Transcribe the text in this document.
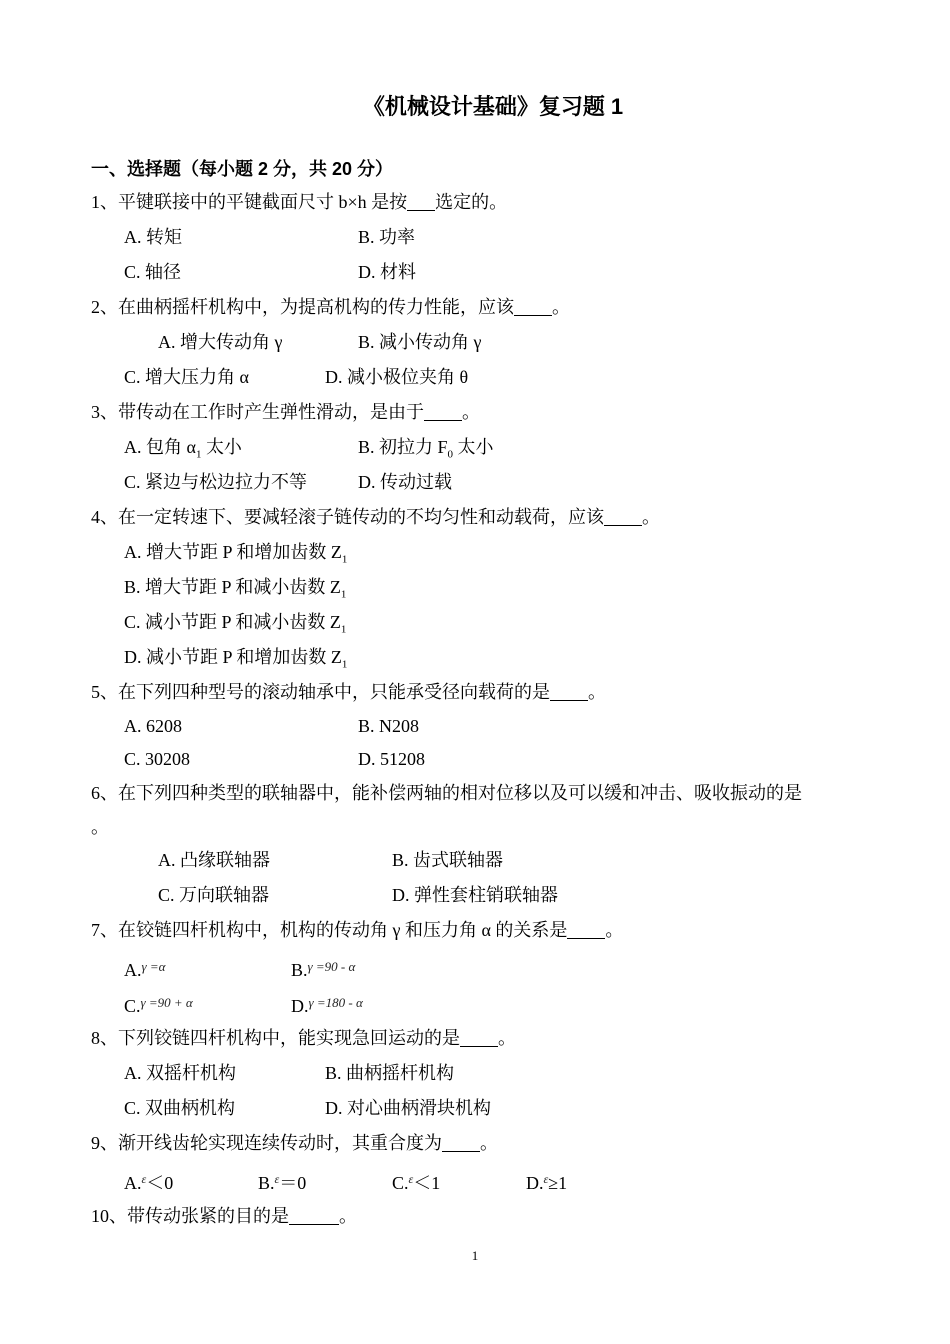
《机械设计基础》复习题 1
一、选择题（每小题 2 分，共 20 分）
1、平键联接中的平键截面尺寸 b×h 是按 选定的。
A. 转矩	B. 功率
C. 轴径	D. 材料
2、在曲柄摇杆机构中，为提高机构的传力性能，应该 。
A. 增大传动角 γ	B. 减小传动角 γ
C. 增大压力角 α	D. 减小极位夹角 θ
3、带传动在工作时产生弹性滑动，是由于 。
A. 包角 $\alpha_1$ 太小	B. 初拉力 $F_0$ 太小
C. 紧边与松边拉力不等	D. 传动过载
4、在一定转速下、要减轻滚子链传动的不均匀性和动载荷，应该 。
A. 增大节距 P 和增加齿数 $Z_1$
B. 增大节距 P 和减小齿数 $Z_1$
C. 减小节距 P 和减小齿数 $Z_1$
D. 减小节距 P 和增加齿数 $Z_1$
5、在下列四种型号的滚动轴承中，只能承受径向载荷的是 。
A. 6208	B. N208
C. 30208	D. 51208
6、在下列四种类型的联轴器中，能补偿两轴的相对位移以及可以缓和冲击、吸收振动的是
。
A. 凸缘联轴器	B. 齿式联轴器
C. 万向联轴器	D. 弹性套柱销联轴器
7、在铰链四杆机构中，机构的传动角 γ 和压力角 α 的关系是 。
A.$^{\gamma =\alpha}$	B.$^{\gamma =90 - \alpha}$
C.$^{\gamma =90 + \alpha}$	D.$^{\gamma =180 - \alpha}$
8、下列铰链四杆机构中，能实现急回运动的是 。
A. 双摇杆机构	B. 曲柄摇杆机构
C. 双曲柄机构	D. 对心曲柄滑块机构
9、渐开线齿轮实现连续传动时，其重合度为 。
A.$^\varepsilon$＜0	B.$^\varepsilon$＝0	C.$^\varepsilon$＜1	D.$^\varepsilon$≥1
10、带传动张紧的目的是	。
1
